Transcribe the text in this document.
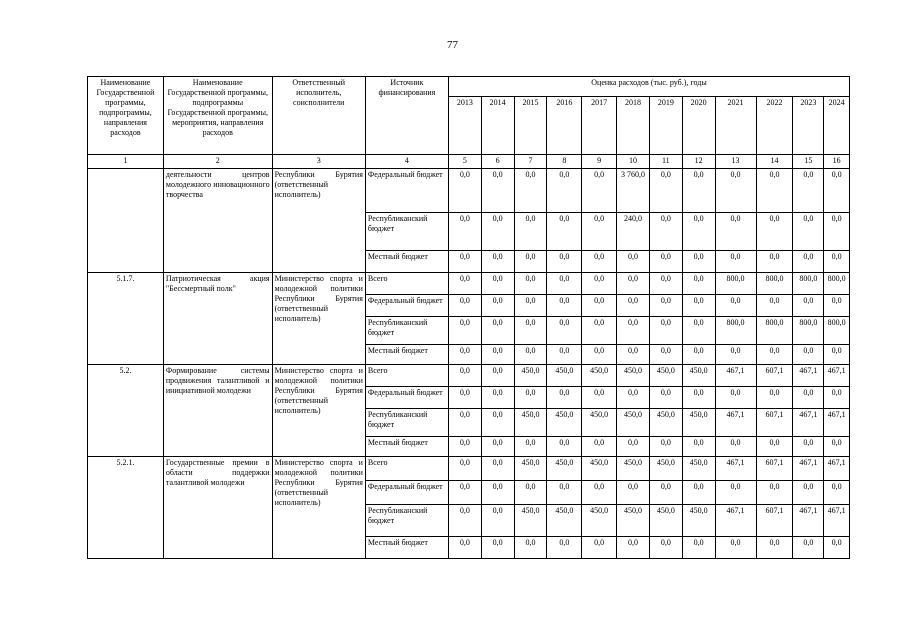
77
Наименование Государственной программы, подпрограммы, направления расходов	Наименование Государственной программы, подпрограммы Государственной программы, мероприятия, направления расходов	Ответственный исполнитель, соисполнители	Источник финансирования	Оценка расходов (тыс. руб.), годы											
				2013	2014	2015	2016	2017	2018	2019	2020	2021	2022	2023	2024
1	2	3	4	5	6	7	8	9	10	11	12	13	14	15	16
	деятельности центров молодежного инновационного творчества	Республики Бурятия (ответственный исполнитель)	Федеральный бюджет	0,0	0,0	0,0	0,0	0,0	3 760,0	0,0	0,0	0,0	0,0	0,0	0,0
			Республиканский бюджет	0,0	0,0	0,0	0,0	0,0	240,0	0,0	0,0	0,0	0,0	0,0	0,0
			Местный бюджет	0,0	0,0	0,0	0,0	0,0	0,0	0,0	0,0	0,0	0,0	0,0	0,0
5.1.7.	Патриотическая акция "Бессмертный полк"	Министерство спорта и молодежной политики Республики Бурятия (ответственный исполнитель)	Всего	0,0	0,0	0,0	0,0	0,0	0,0	0,0	0,0	800,0	800,0	800,0	800,0
			Федеральный бюджет	0,0	0,0	0,0	0,0	0,0	0,0	0,0	0,0	0,0	0,0	0,0	0,0
			Республиканский бюджет	0,0	0,0	0,0	0,0	0,0	0,0	0,0	0,0	800,0	800,0	800,0	800,0
			Местный бюджет	0,0	0,0	0,0	0,0	0,0	0,0	0,0	0,0	0,0	0,0	0,0	0,0
5.2.	Формирование системы продвижения талантливой и инициативной молодежи	Министерство спорта и молодежной политики Республики Бурятия (ответственный исполнитель)	Всего	0,0	0,0	450,0	450,0	450,0	450,0	450,0	450,0	467,1	607,1	467,1	467,1
			Федеральный бюджет	0,0	0,0	0,0	0,0	0,0	0,0	0,0	0,0	0,0	0,0	0,0	0,0
			Республиканский бюджет	0,0	0,0	450,0	450,0	450,0	450,0	450,0	450,0	467,1	607,1	467,1	467,1
			Местный бюджет	0,0	0,0	0,0	0,0	0,0	0,0	0,0	0,0	0,0	0,0	0,0	0,0
5.2.1.	Государственные премии в области поддержки талантливой молодежи	Министерство спорта и молодежной политики Республики Бурятия (ответственный исполнитель)	Всего	0,0	0,0	450,0	450,0	450,0	450,0	450,0	450,0	467,1	607,1	467,1	467,1
			Федеральный бюджет	0,0	0,0	0,0	0,0	0,0	0,0	0,0	0,0	0,0	0,0	0,0	0,0
			Республиканский бюджет	0,0	0,0	450,0	450,0	450,0	450,0	450,0	450,0	467,1	607,1	467,1	467,1
			Местный бюджет	0,0	0,0	0,0	0,0	0,0	0,0	0,0	0,0	0,0	0,0	0,0	0,0
